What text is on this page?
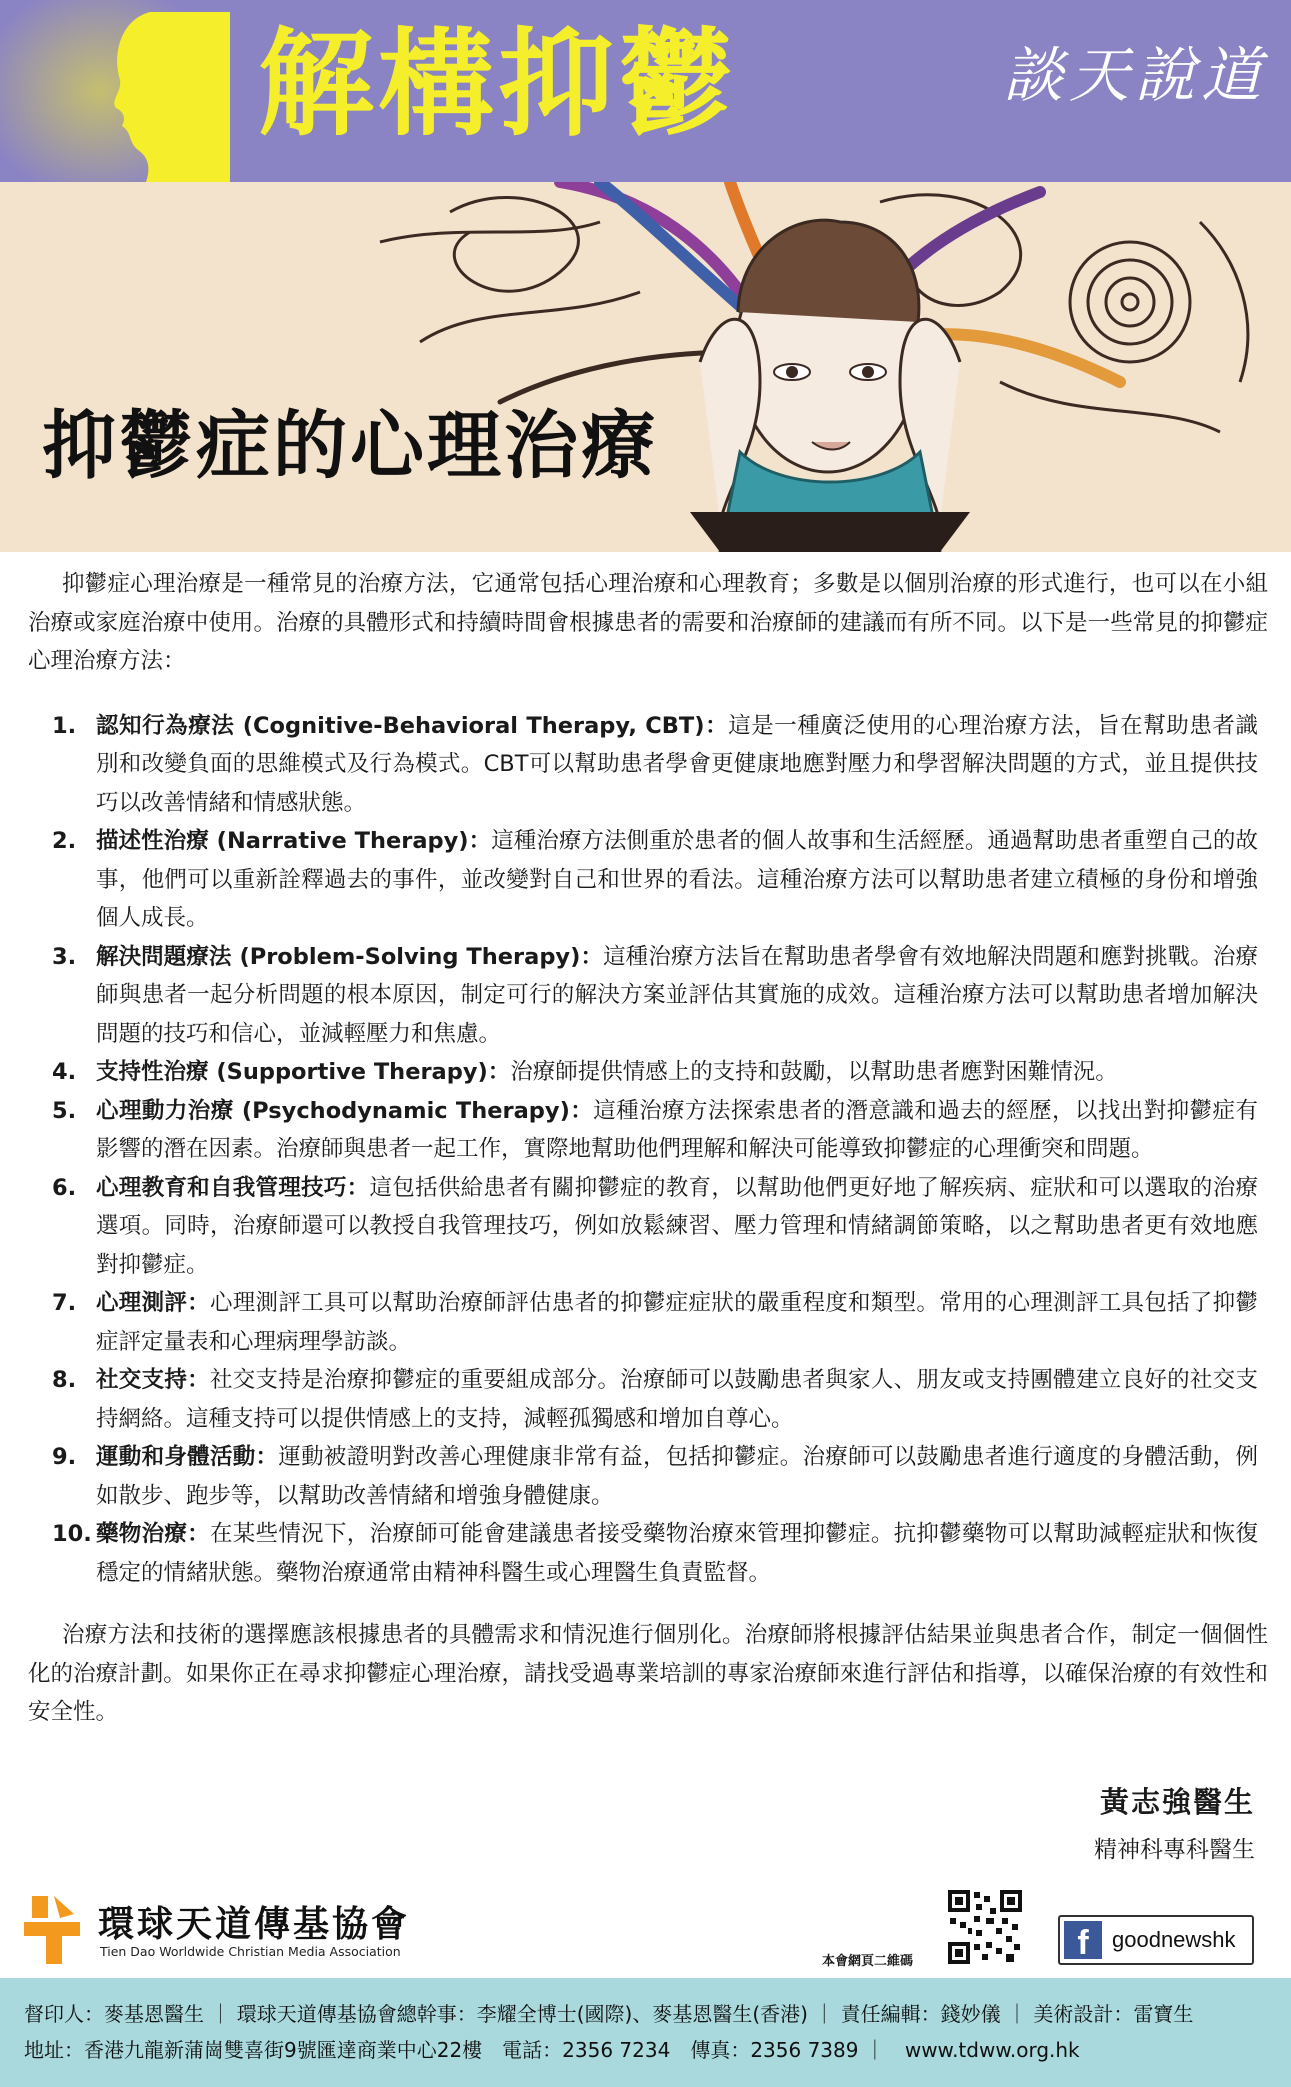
解構抑鬱	談天說道
抑鬱症的心理治療

抑鬱症心理治療是一種常見的治療方法，它通常包括心理治療和心理教育；多數是以個別治療的形式進行，也可以在小組治療或家庭治療中使用。治療的具體形式和持續時間會根據患者的需要和治療師的建議而有所不同。以下是一些常見的抑鬱症心理治療方法：

1. 認知行為療法 (Cognitive-Behavioral Therapy, CBT)：這是一種廣泛使用的心理治療方法，旨在幫助患者識別和改變負面的思維模式及行為模式。CBT可以幫助患者學會更健康地應對壓力和學習解決問題的方式，並且提供技巧以改善情緒和情感狀態。
2. 描述性治療 (Narrative Therapy)：這種治療方法側重於患者的個人故事和生活經歷。通過幫助患者重塑自己的故事，他們可以重新詮釋過去的事件，並改變對自己和世界的看法。這種治療方法可以幫助患者建立積極的身份和增強個人成長。
3. 解決問題療法 (Problem-Solving Therapy)：這種治療方法旨在幫助患者學會有效地解決問題和應對挑戰。治療師與患者一起分析問題的根本原因，制定可行的解決方案並評估其實施的成效。這種治療方法可以幫助患者增加解決問題的技巧和信心，並減輕壓力和焦慮。
4. 支持性治療 (Supportive Therapy)：治療師提供情感上的支持和鼓勵，以幫助患者應對困難情況。
5. 心理動力治療 (Psychodynamic Therapy)：這種治療方法探索患者的潛意識和過去的經歷，以找出對抑鬱症有影響的潛在因素。治療師與患者一起工作，實際地幫助他們理解和解決可能導致抑鬱症的心理衝突和問題。
6. 心理教育和自我管理技巧：這包括供給患者有關抑鬱症的教育，以幫助他們更好地了解疾病、症狀和可以選取的治療選項。同時，治療師還可以教授自我管理技巧，例如放鬆練習、壓力管理和情緒調節策略，以之幫助患者更有效地應對抑鬱症。
7. 心理測評：心理測評工具可以幫助治療師評估患者的抑鬱症症狀的嚴重程度和類型。常用的心理測評工具包括了抑鬱症評定量表和心理病理學訪談。
8. 社交支持：社交支持是治療抑鬱症的重要組成部分。治療師可以鼓勵患者與家人、朋友或支持團體建立良好的社交支持網絡。這種支持可以提供情感上的支持，減輕孤獨感和增加自尊心。
9. 運動和身體活動：運動被證明對改善心理健康非常有益，包括抑鬱症。治療師可以鼓勵患者進行適度的身體活動，例如散步、跑步等，以幫助改善情緒和增強身體健康。
10. 藥物治療：在某些情況下，治療師可能會建議患者接受藥物治療來管理抑鬱症。抗抑鬱藥物可以幫助減輕症狀和恢復穩定的情緒狀態。藥物治療通常由精神科醫生或心理醫生負責監督。

治療方法和技術的選擇應該根據患者的具體需求和情況進行個別化。治療師將根據評估結果並與患者合作，制定一個個性化的治療計劃。如果你正在尋求抑鬱症心理治療，請找受過專業培訓的專家治療師來進行評估和指導，以確保治療的有效性和安全性。

黃志強醫生
精神科專科醫生
環球天道傳基協會
Tien Dao Worldwide Christian Media Association
本會網頁二維碼	f	goodnewshk
督印人：麥基恩醫生 ｜ 環球天道傳基協會總幹事：李耀全博士(國際)、麥基恩醫生(香港) ｜ 責任編輯：錢妙儀 ｜ 美術設計：雷寶生
地址：香港九龍新蒲崗雙喜街9號匯達商業中心22樓　電話：2356 7234　傳真：2356 7389 ｜　www.tdww.org.hk
